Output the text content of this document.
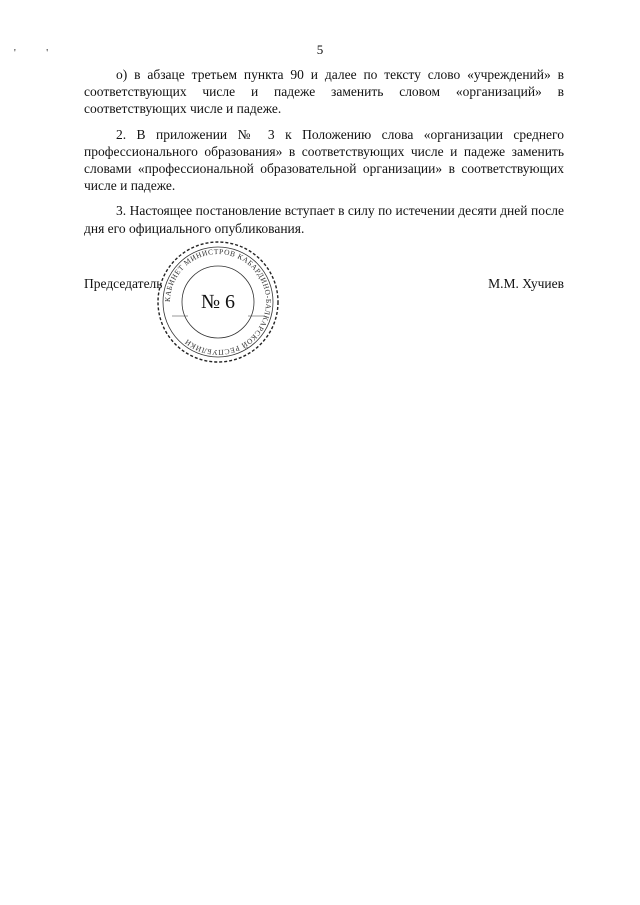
' '	5

о) в абзаце третьем пункта 90 и далее по тексту слово «учреждений» в соответствующих числе и падеже заменить словом «организаций» в соответствующих числе и падеже.

2. В приложении № 3 к Положению слова «организации среднего профессионального образования» в соответствующих числе и падеже заменить словами «профессиональной образовательной организации» в соответствующих числе и падеже.

3. Настоящее постановление вступает в силу по истечении десяти дней после дня его официального опубликования.

КАБИНЕТ МИНИСТРОВ КАБАРДИНО-БАЛКАРСКОЙ РЕСПУБЛИКИ
№ 6
Председатель	М.М. Хучиев
